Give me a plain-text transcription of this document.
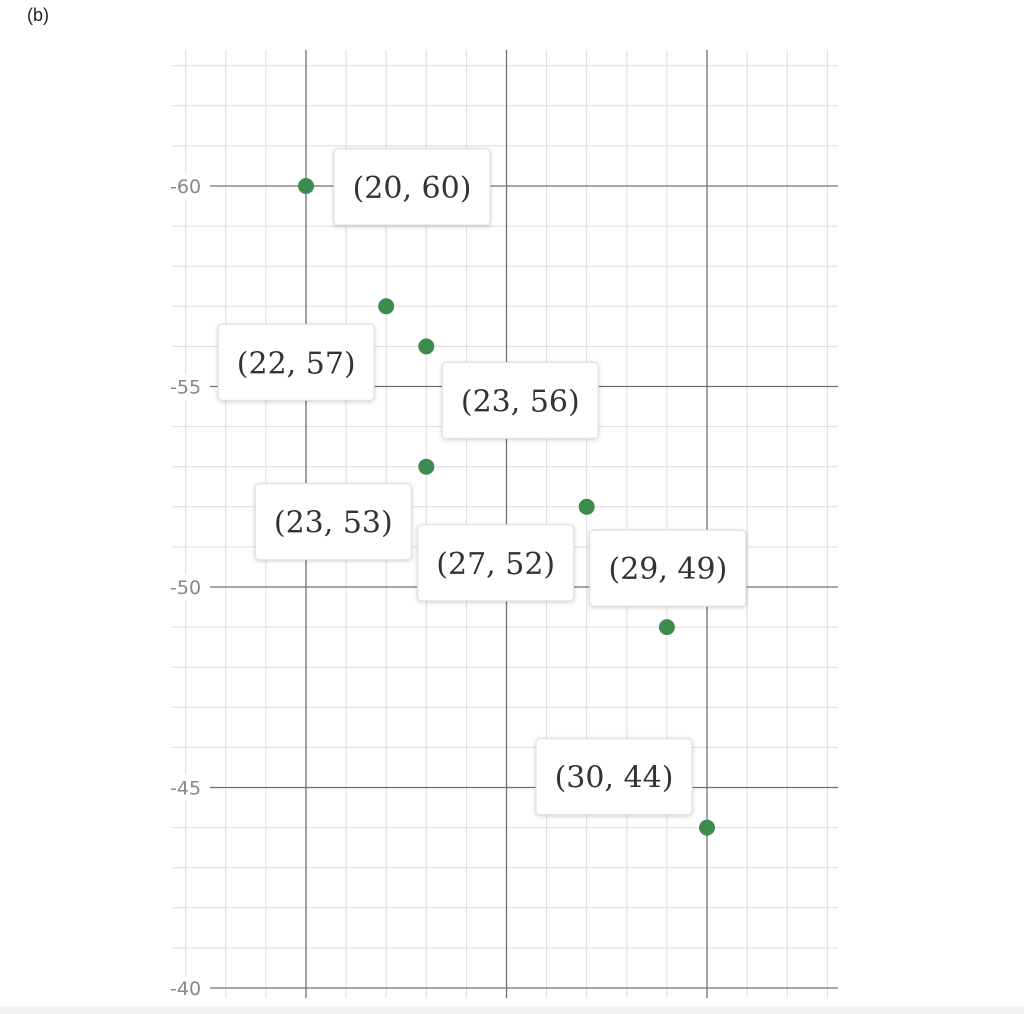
(b)
-60
-55
-50
-45
-40
(20, 60)
(22, 57)
(23, 56)
(23, 53)
(27, 52) (29, 49)
(30, 44)
